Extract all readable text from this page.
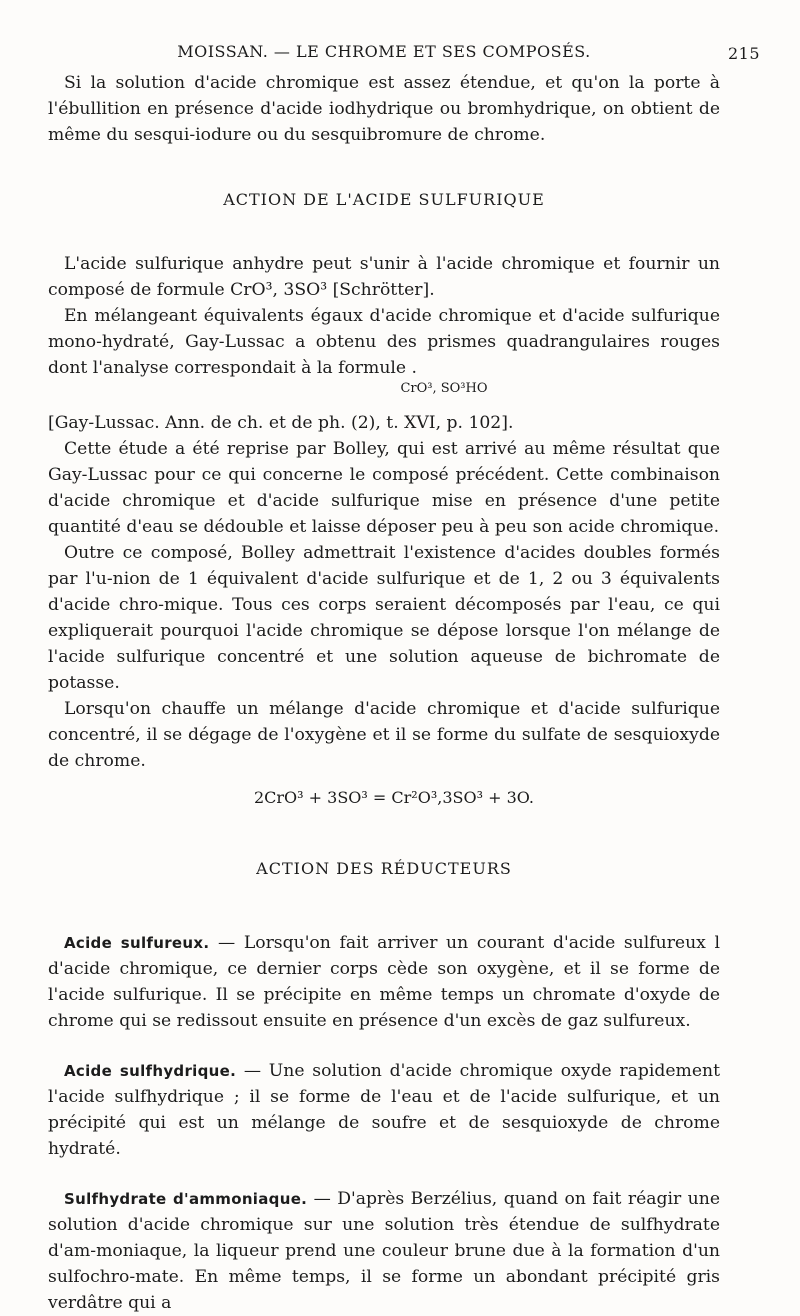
MOISSAN. — LE CHROME ET SES COMPOSÉS.	215

Si la solution d'acide chromique est assez étendue, et qu'on la porte à l'ébullition en présence d'acide iodhydrique ou bromhydrique, on obtient de même du sesqui-iodure ou du sesquibromure de chrome.

ACTION DE L'ACIDE SULFURIQUE

L'acide sulfurique anhydre peut s'unir à l'acide chromique et fournir un composé de formule CrO³, 3SO³ [Schrötter].

En mélangeant équivalents égaux d'acide chromique et d'acide sulfurique mono-hydraté, Gay-Lussac a obtenu des prismes quadrangulaires rouges dont l'analyse correspondait à la formule .

CrO³, SO³HO

[Gay-Lussac. Ann. de ch. et de ph. (2), t. XVI, p. 102].

Cette étude a été reprise par Bolley, qui est arrivé au même résultat que Gay-Lussac pour ce qui concerne le composé précédent. Cette combinaison d'acide chromique et d'acide sulfurique mise en présence d'une petite quantité d'eau se dédouble et laisse déposer peu à peu son acide chromique.

Outre ce composé, Bolley admettrait l'existence d'acides doubles formés par l'u-nion de 1 équivalent d'acide sulfurique et de 1, 2 ou 3 équivalents d'acide chro-mique. Tous ces corps seraient décomposés par l'eau, ce qui expliquerait pourquoi l'acide chromique se dépose lorsque l'on mélange de l'acide sulfurique concentré et une solution aqueuse de bichromate de potasse.

Lorsqu'on chauffe un mélange d'acide chromique et d'acide sulfurique concentré, il se dégage de l'oxygène et il se forme du sulfate de sesquioxyde de chrome.

2CrO³ + 3SO³ = Cr²O³,3SO³ + 3O.
ACTION DES RÉDUCTEURS

Acide sulfureux. — Lorsqu'on fait arriver un courant d'acide sulfureux l d'acide chromique, ce dernier corps cède son oxygène, et il se forme de l'acide sulfurique. Il se précipite en même temps un chromate d'oxyde de chrome qui se redissout ensuite en présence d'un excès de gaz sulfureux.

Acide sulfhydrique. — Une solution d'acide chromique oxyde rapidement l'acide sulfhydrique ; il se forme de l'eau et de l'acide sulfurique, et un précipité qui est un mélange de soufre et de sesquioxyde de chrome hydraté.

Sulfhydrate d'ammoniaque. — D'après Berzélius, quand on fait réagir une solution d'acide chromique sur une solution très étendue de sulfhydrate d'am-moniaque, la liqueur prend une couleur brune due à la formation d'un sulfochro-mate. En même temps, il se forme un abondant précipité gris verdâtre qui a
